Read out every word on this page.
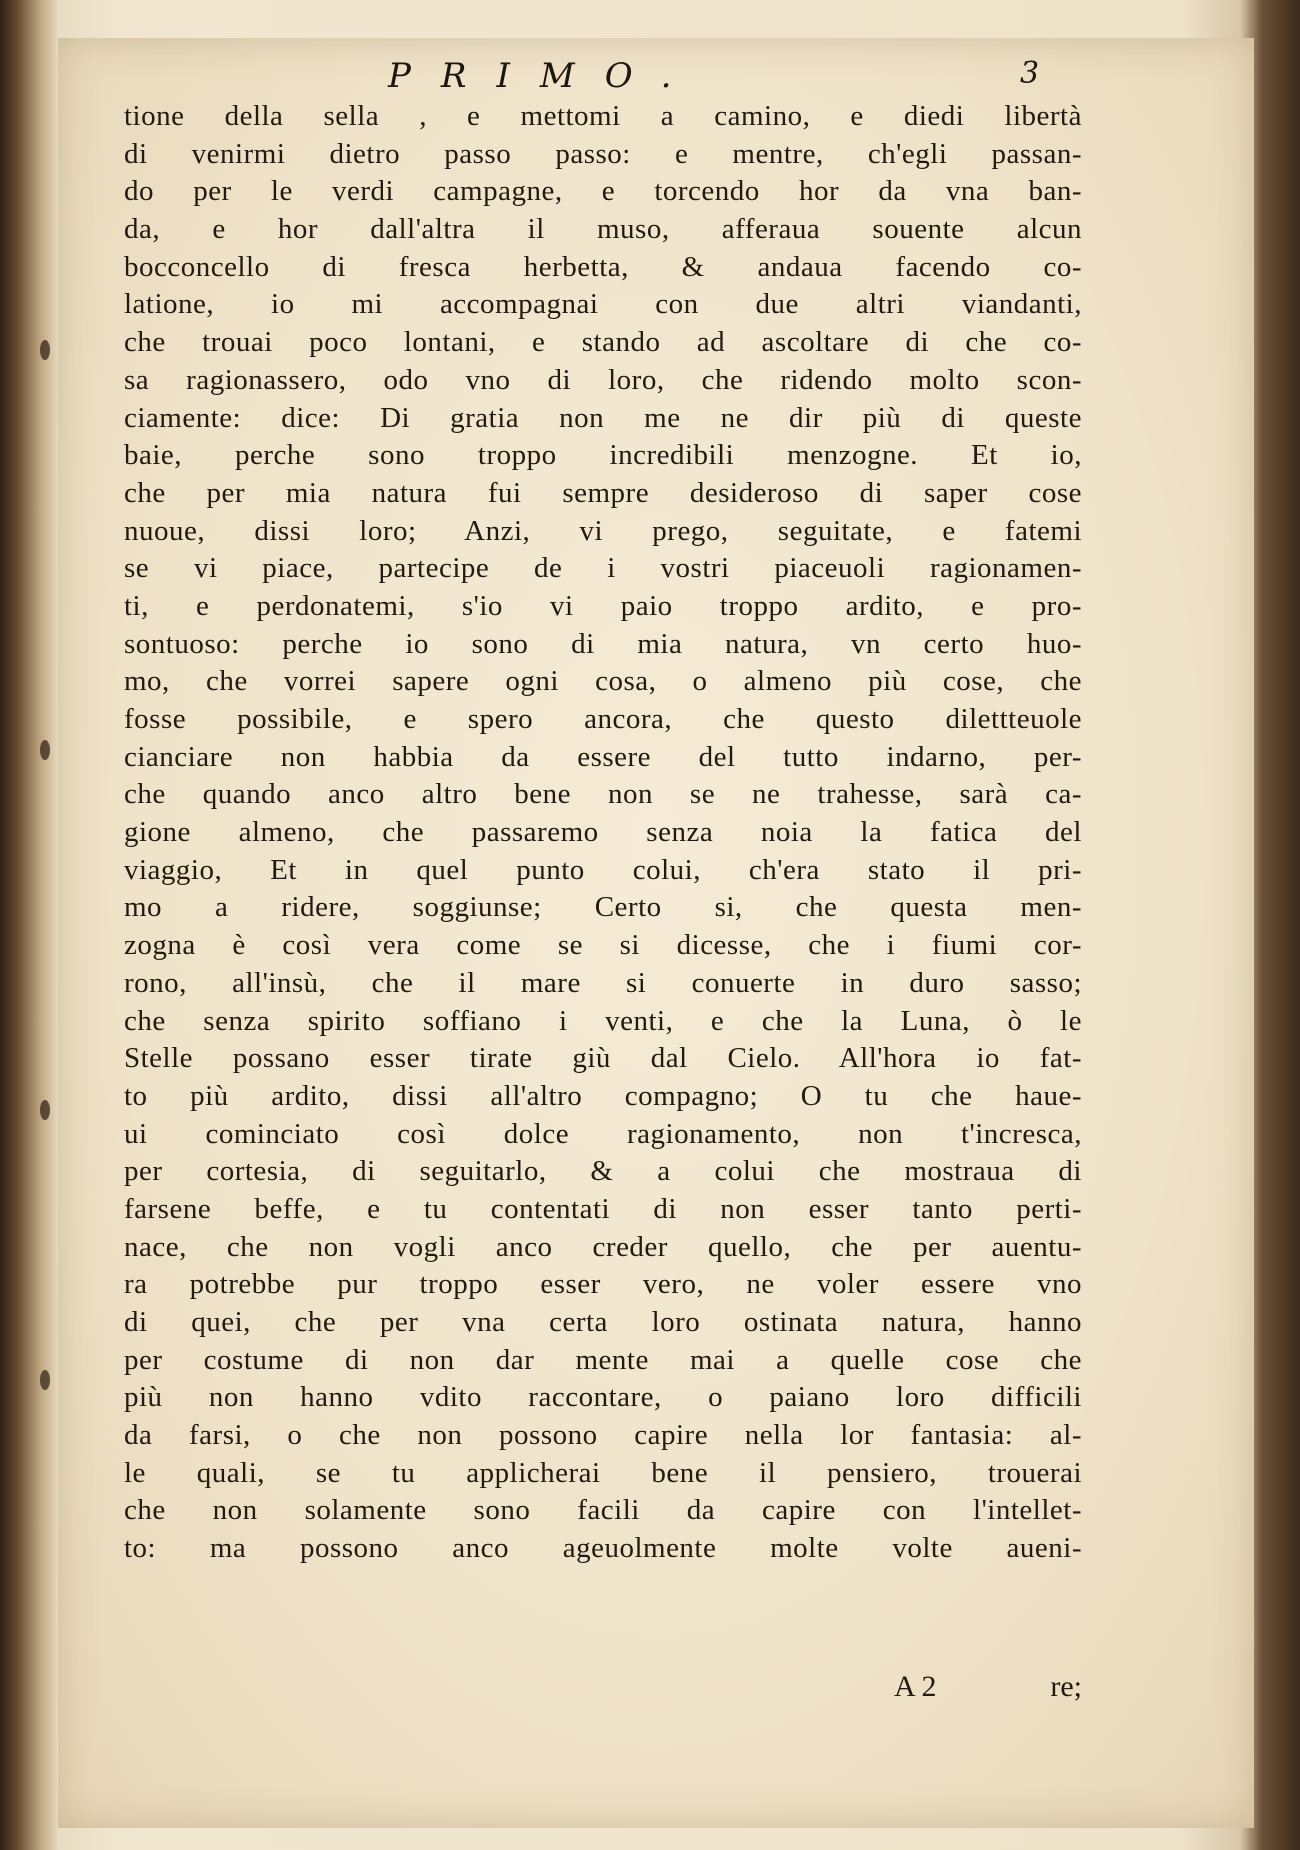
PRIMO.	3
tione della sella , e mettomi a camino, e diedi libertà
di venirmi dietro passo passo: e mentre, ch'egli passan-
do per le verdi campagne, e torcendo hor da vna ban-
da, e hor dall'altra il muso, afferaua souente alcun
bocconcello di fresca herbetta, & andaua facendo co-
latione, io mi accompagnai con due altri viandanti,
che trouai poco lontani, e stando ad ascoltare di che co-
sa ragionassero, odo vno di loro, che ridendo molto scon-
ciamente: dice: Di gratia non me ne dir più di queste
baie, perche sono troppo incredibili menzogne. Et io,
che per mia natura fui sempre desideroso di saper cose
nuoue, dissi loro; Anzi, vi prego, seguitate, e fatemi
se vi piace, partecipe de i vostri piaceuoli ragionamen-
ti, e perdonatemi, s'io vi paio troppo ardito, e pro-
sontuoso: perche io sono di mia natura, vn certo huo-
mo, che vorrei sapere ogni cosa, o almeno più cose, che
fosse possibile, e spero ancora, che questo dilettteuole
cianciare non habbia da essere del tutto indarno, per-
che quando anco altro bene non se ne trahesse, sarà ca-
gione almeno, che passaremo senza noia la fatica del
viaggio, Et in quel punto colui, ch'era stato il pri-
mo a ridere, soggiunse; Certo si, che questa men-
zogna è così vera come se si dicesse, che i fiumi cor-
rono, all'insù, che il mare si conuerte in duro sasso;
che senza spirito soffiano i venti, e che la Luna, ò le
Stelle possano esser tirate giù dal Cielo. All'hora io fat-
to più ardito, dissi all'altro compagno; O tu che haue-
ui cominciato così dolce ragionamento, non t'incresca,
per cortesia, di seguitarlo, & a colui che mostraua di
farsene beffe, e tu contentati di non esser tanto perti-
nace, che non vogli anco creder quello, che per auentu-
ra potrebbe pur troppo esser vero, ne voler essere vno
di quei, che per vna certa loro ostinata natura, hanno
per costume di non dar mente mai a quelle cose che
più non hanno vdito raccontare, o paiano loro difficili
da farsi, o che non possono capire nella lor fantasia: al-
le quali, se tu applicherai bene il pensiero, trouerai
che non solamente sono facili da capire con l'intellet-
to: ma possono anco ageuolmente molte volte aueni-
A 2	re;
